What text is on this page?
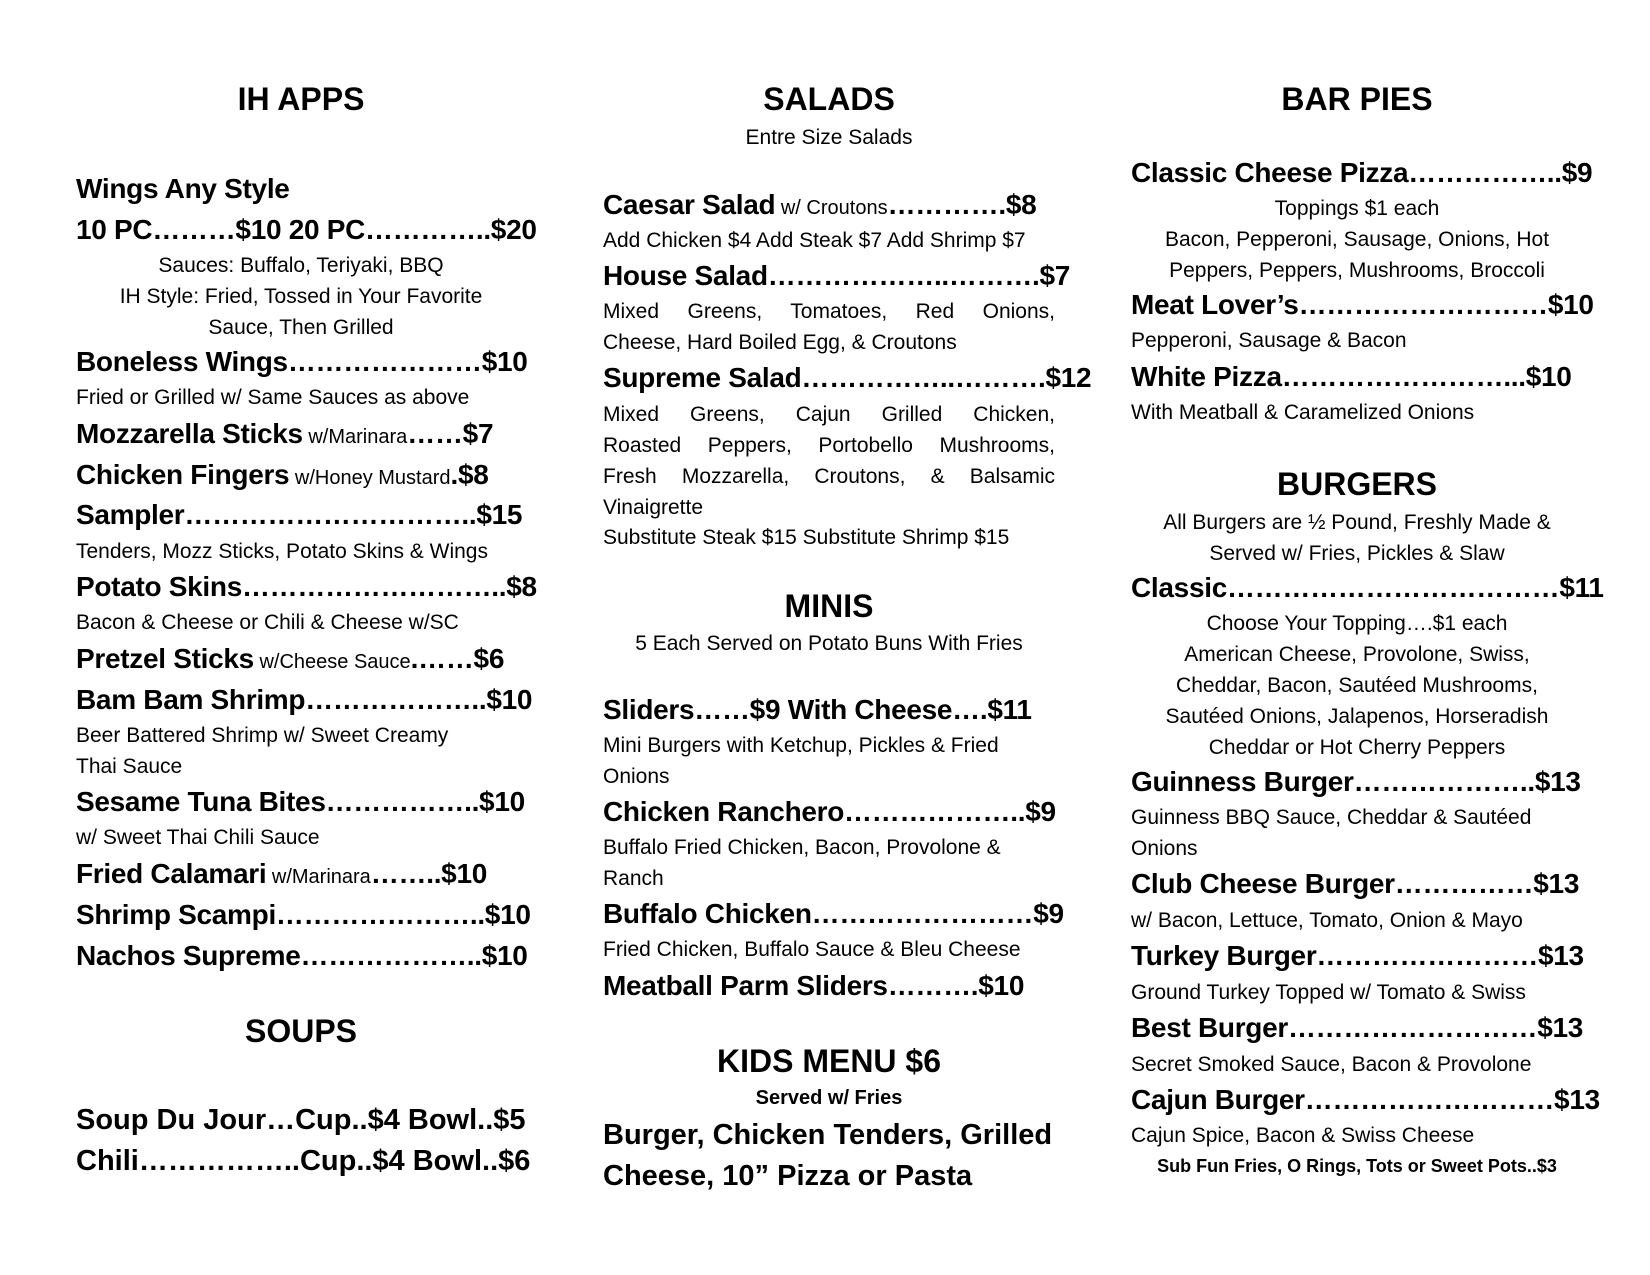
IH APPS
Wings Any Style
10 PC………$10 20 PC…………..$20
Sauces: Buffalo, Teriyaki, BBQ
IH Style: Fried, Tossed in Your Favorite
Sauce, Then Grilled
Boneless Wings…………………$10
Fried or Grilled w/ Same Sauces as above
Mozzarella Sticks w/Marinara……$7
Chicken Fingers w/Honey Mustard.$8
Sampler…………………………..$15
Tenders, Mozz Sticks, Potato Skins & Wings
Potato Skins………………………..$8
Bacon & Cheese or Chili & Cheese w/SC
Pretzel Sticks w/Cheese Sauce.……$6
Bam Bam Shrimp………………..$10
Beer Battered Shrimp w/ Sweet Creamy
Thai Sauce
Sesame Tuna Bites……………..$10
w/ Sweet Thai Chili Sauce
Fried Calamari w/Marinara……..$10
Shrimp Scampi…………………..$10
Nachos Supreme………………..$10
SOUPS
Soup Du Jour…Cup..$4 Bowl..$5
Chili……………..Cup..$4 Bowl..$6
SALADS
Entre Size Salads
Caesar Salad w/ Croutons………….$8
Add Chicken $4 Add Steak $7 Add Shrimp $7
House Salad………………..……….$7
Mixed Greens, Tomatoes, Red Onions,
Cheese, Hard Boiled Egg, & Croutons
Supreme Salad……………..……….$12
Mixed Greens, Cajun Grilled Chicken,
Roasted Peppers, Portobello Mushrooms,
Fresh Mozzarella, Croutons, & Balsamic
Vinaigrette
Substitute Steak $15 Substitute Shrimp $15
MINIS
5 Each Served on Potato Buns With Fries
Sliders……$9 With Cheese….$11
Mini Burgers with Ketchup, Pickles & Fried
Onions
Chicken Ranchero………………..$9
Buffalo Fried Chicken, Bacon, Provolone &
Ranch
Buffalo Chicken……………………$9
Fried Chicken, Buffalo Sauce & Bleu Cheese
Meatball Parm Sliders……….$10
KIDS MENU $6
Served w/ Fries
Burger, Chicken Tenders, Grilled
Cheese, 10” Pizza or Pasta
BAR PIES
Classic Cheese Pizza……………..$9
Toppings $1 each
Bacon, Pepperoni, Sausage, Onions, Hot
Peppers, Peppers, Mushrooms, Broccoli
Meat Lover’s………………………$10
Pepperoni, Sausage & Bacon
White Pizza……………………...$10
With Meatball & Caramelized Onions
BURGERS
All Burgers are ½ Pound, Freshly Made &
Served w/ Fries, Pickles & Slaw
Classic………………………………$11
Choose Your Topping….$1 each
American Cheese, Provolone, Swiss,
Cheddar, Bacon, Sautéed Mushrooms,
Sautéed Onions, Jalapenos, Horseradish
Cheddar or Hot Cherry Peppers
Guinness Burger………………..$13
Guinness BBQ Sauce, Cheddar & Sautéed
Onions
Club Cheese Burger……………$13
w/ Bacon, Lettuce, Tomato, Onion & Mayo
Turkey Burger……………………$13
Ground Turkey Topped w/ Tomato & Swiss
Best Burger………………………$13
Secret Smoked Sauce, Bacon & Provolone
Cajun Burger………………………$13
Cajun Spice, Bacon & Swiss Cheese
Sub Fun Fries, O Rings, Tots or Sweet Pots..$3
